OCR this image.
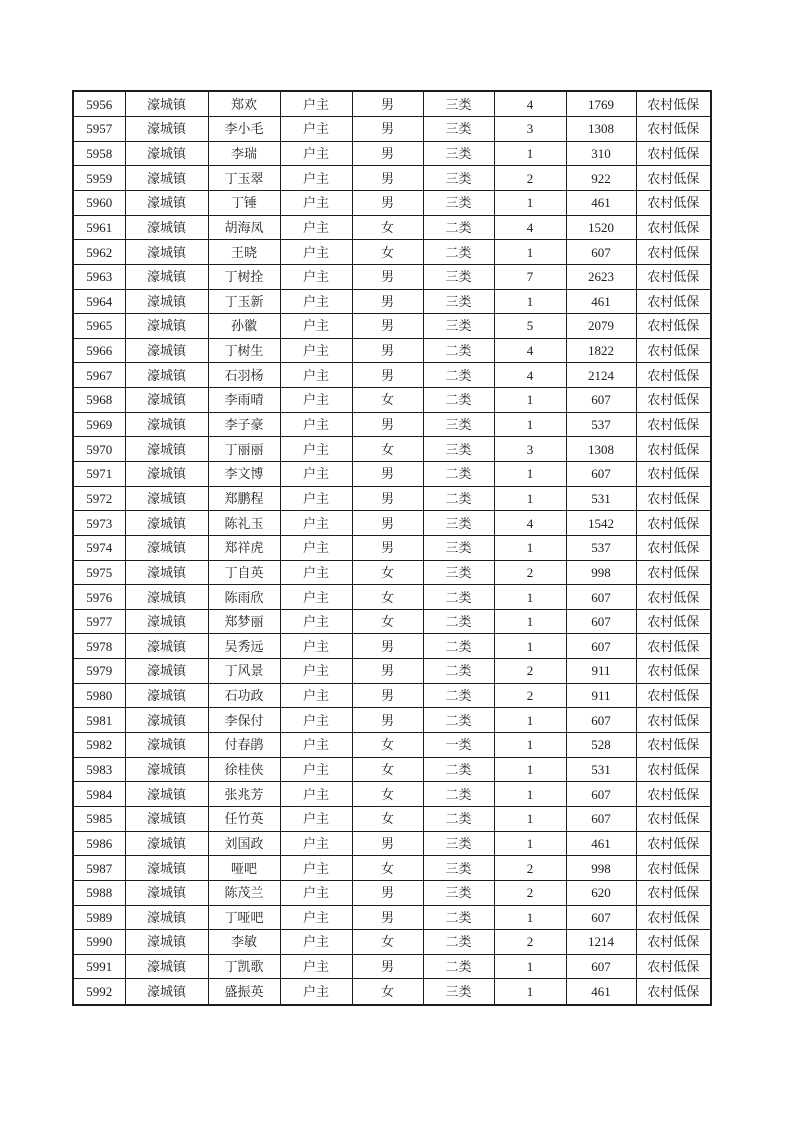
5956	濠城镇	郑欢	户主	男	三类	4	1769	农村低保
5957	濠城镇	李小毛	户主	男	三类	3	1308	农村低保
5958	濠城镇	李瑞	户主	男	三类	1	310	农村低保
5959	濠城镇	丁玉翠	户主	男	三类	2	922	农村低保
5960	濠城镇	丁锤	户主	男	三类	1	461	农村低保
5961	濠城镇	胡海凤	户主	女	二类	4	1520	农村低保
5962	濠城镇	王晓	户主	女	二类	1	607	农村低保
5963	濠城镇	丁树拴	户主	男	三类	7	2623	农村低保
5964	濠城镇	丁玉新	户主	男	三类	1	461	农村低保
5965	濠城镇	孙徽	户主	男	三类	5	2079	农村低保
5966	濠城镇	丁树生	户主	男	二类	4	1822	农村低保
5967	濠城镇	石羽杨	户主	男	二类	4	2124	农村低保
5968	濠城镇	李雨晴	户主	女	二类	1	607	农村低保
5969	濠城镇	李子豪	户主	男	三类	1	537	农村低保
5970	濠城镇	丁丽丽	户主	女	三类	3	1308	农村低保
5971	濠城镇	李文博	户主	男	二类	1	607	农村低保
5972	濠城镇	郑鹏程	户主	男	二类	1	531	农村低保
5973	濠城镇	陈礼玉	户主	男	三类	4	1542	农村低保
5974	濠城镇	郑祥虎	户主	男	三类	1	537	农村低保
5975	濠城镇	丁自英	户主	女	三类	2	998	农村低保
5976	濠城镇	陈雨欣	户主	女	二类	1	607	农村低保
5977	濠城镇	郑梦丽	户主	女	二类	1	607	农村低保
5978	濠城镇	吴秀远	户主	男	二类	1	607	农村低保
5979	濠城镇	丁风景	户主	男	二类	2	911	农村低保
5980	濠城镇	石功政	户主	男	二类	2	911	农村低保
5981	濠城镇	李保付	户主	男	二类	1	607	农村低保
5982	濠城镇	付春鹃	户主	女	一类	1	528	农村低保
5983	濠城镇	徐桂侠	户主	女	二类	1	531	农村低保
5984	濠城镇	张兆芳	户主	女	二类	1	607	农村低保
5985	濠城镇	任竹英	户主	女	二类	1	607	农村低保
5986	濠城镇	刘国政	户主	男	三类	1	461	农村低保
5987	濠城镇	哑吧	户主	女	三类	2	998	农村低保
5988	濠城镇	陈茂兰	户主	男	三类	2	620	农村低保
5989	濠城镇	丁哑吧	户主	男	二类	1	607	农村低保
5990	濠城镇	李敏	户主	女	二类	2	1214	农村低保
5991	濠城镇	丁凯歌	户主	男	二类	1	607	农村低保
5992	濠城镇	盛振英	户主	女	三类	1	461	农村低保
